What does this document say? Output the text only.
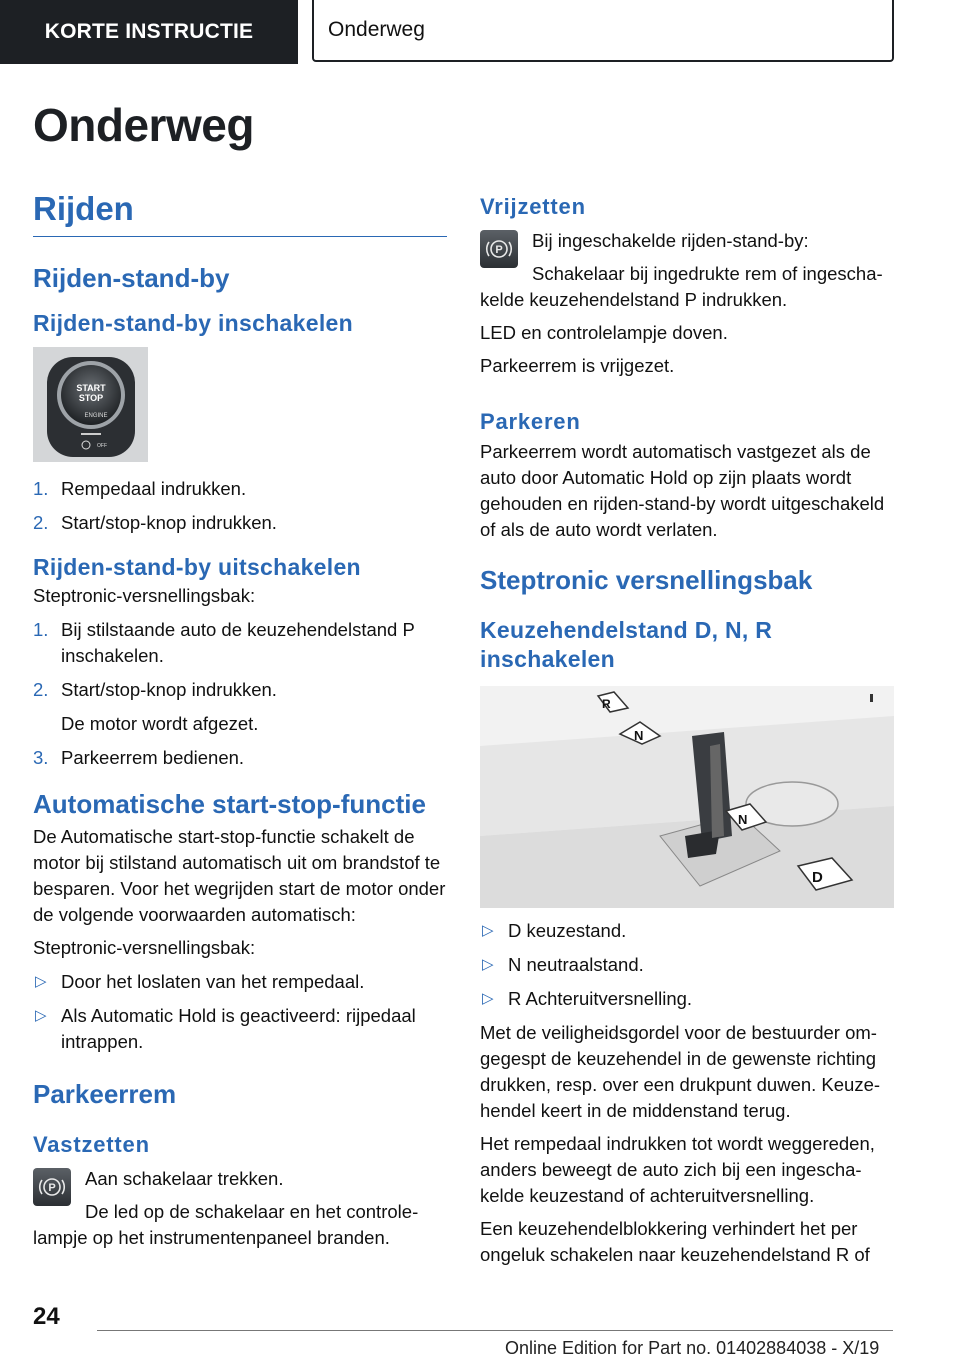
KORTE INSTRUCTIE	Onderweg
Onderweg
Rijden
Rijden-stand-by
Rijden-stand-by inschakelen
START
STOP
ENGINE
OFF
1. Rempedaal indrukken.
2. Start/stop-knop indrukken.
Rijden-stand-by uitschakelen

Steptronic-versnellingsbak:

1. Bij stilstaande auto de keuzehendelstand P inschakelen.
2. Start/stop-knop indrukken.
De motor wordt afgezet.
3. Parkeerrem bedienen.
Automatische start-stop-functie

De Automatische start-stop-functie schakelt de motor bij stilstand automatisch uit om brandstof te besparen. Voor het wegrijden start de motor onder de volgende voorwaarden automatisch:

Steptronic-versnellingsbak:

▷ Door het loslaten van het rempedaal.
▷ Als Automatic Hold is geactiveerd: rijpedaal intrappen.
Parkeerrem
Vastzetten
P	Aan schakelaar trekken.

De led op de schakelaar en het controlelampje op het instrumentenpaneel branden.

Vrijzetten
P	Bij ingeschakelde rijden-stand-by:

Schakelaar bij ingedrukte rem of ingeschakelde keuzehendelstand P indrukken.

LED en controlelampje doven.

Parkeerrem is vrijgezet.

Parkeren

Parkeerrem wordt automatisch vastgezet als de auto door Automatic Hold op zijn plaats wordt gehouden en rijden-stand-by wordt uitgeschakeld of als de auto wordt verlaten.

Steptronic versnellingsbak
Keuzehendelstand D, N, R inschakelen
R
N
N
D
▷ D keuzestand.
▷ N neutraalstand.
▷ R Achteruitversnelling.

Met de veiligheidsgordel voor de bestuurder omgegespt de keuzehendel in de gewenste richting drukken, resp. over een drukpunt duwen. Keuzehendel keert in de middenstand terug.

Het rempedaal indrukken tot wordt weggereden, anders beweegt de auto zich bij een ingeschakelde keuzestand of achteruitversnelling.

Een keuzehendelblokkering verhindert het per ongeluk schakelen naar keuzehendelstand R of

24
Online Edition for Part no. 01402884038 - X/19
